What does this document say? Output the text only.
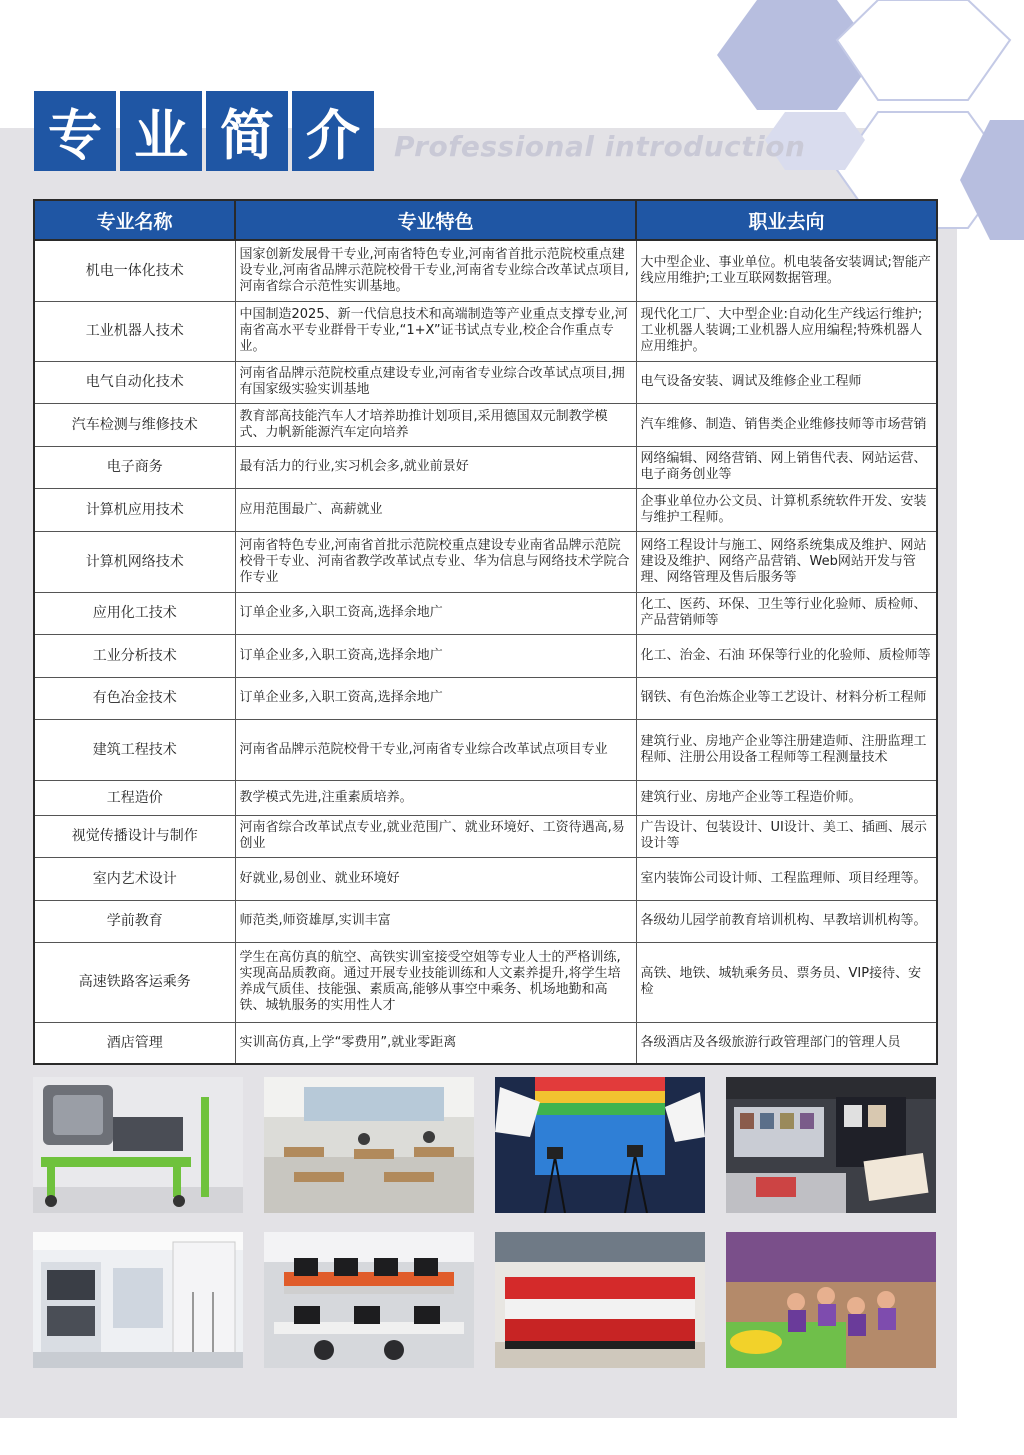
专 业 简 介	Professional introduction
专业名称	专业特色	职业去向
机电一体化技术	国家创新发展骨干专业,河南省特色专业,河南省首批示范院校重点建设专业,河南省品牌示范院校骨干专业,河南省专业综合改革试点项目,河南省综合示范性实训基地。	大中型企业、事业单位。机电装备安装调试;智能产线应用维护;工业互联网数据管理。
工业机器人技术	中国制造2025、新一代信息技术和高端制造等产业重点支撑专业,河南省高水平专业群骨干专业,“1+X”证书试点专业,校企合作重点专业。	现代化工厂、大中型企业:自动化生产线运行维护;工业机器人装调;工业机器人应用编程;特殊机器人应用维护。
电气自动化技术	河南省品牌示范院校重点建设专业,河南省专业综合改革试点项目,拥有国家级实验实训基地	电气设备安装、调试及维修企业工程师
汽车检测与维修技术	教育部高技能汽车人才培养助推计划项目,采用德国双元制教学模式、力帆新能源汽车定向培养	汽车维修、制造、销售类企业维修技师等市场营销
电子商务	最有活力的行业,实习机会多,就业前景好	网络编辑、网络营销、网上销售代表、网站运营、电子商务创业等
计算机应用技术	应用范围最广、高薪就业	企事业单位办公文员、计算机系统软件开发、安装与维护工程师。
计算机网络技术	河南省特色专业,河南省首批示范院校重点建设专业南省品牌示范院校骨干专业、河南省教学改革试点专业、华为信息与网络技术学院合作专业	网络工程设计与施工、网络系统集成及维护、网站建设及维护、网络产品营销、Web网站开发与管理、网络管理及售后服务等
应用化工技术	订单企业多,入职工资高,选择余地广	化工、医药、环保、卫生等行业化验师、质检师、产品营销师等
工业分析技术	订单企业多,入职工资高,选择余地广	化工、治金、石油 环保等行业的化验师、质检师等
有色冶金技术	订单企业多,入职工资高,选择余地广	钢铁、有色治炼企业等工艺设计、材料分析工程师
建筑工程技术	河南省品牌示范院校骨干专业,河南省专业综合改革试点项目专业	建筑行业、房地产企业等注册建造师、注册监理工程师、注册公用设备工程师等工程测量技术
工程造价	教学模式先进,注重素质培养。	建筑行业、房地产企业等工程造价师。
视觉传播设计与制作	河南省综合改革试点专业,就业范围广、就业环境好、工资待遇高,易创业	广告设计、包装设计、UI设计、美工、插画、展示设计等
室内艺术设计	好就业,易创业、就业环境好	室内装饰公司设计师、工程监理师、项目经理等。
学前教育	师范类,师资雄厚,实训丰富	各级幼儿园学前教育培训机构、早教培训机构等。
高速铁路客运乘务	学生在高仿真的航空、高铁实训室接受空姐等专业人士的严格训练,实现高品质教商。通过开展专业技能训练和人文素养提升,将学生培养成气质佳、技能强、素质高,能够从事空中乘务、机场地勤和高铁、城轨服务的实用性人才	高铁、地铁、城轨乘务员、票务员、VIP接待、安检
酒店管理	实训高仿真,上学“零费用”,就业零距离	各级酒店及各级旅游行政管理部门的管理人员
